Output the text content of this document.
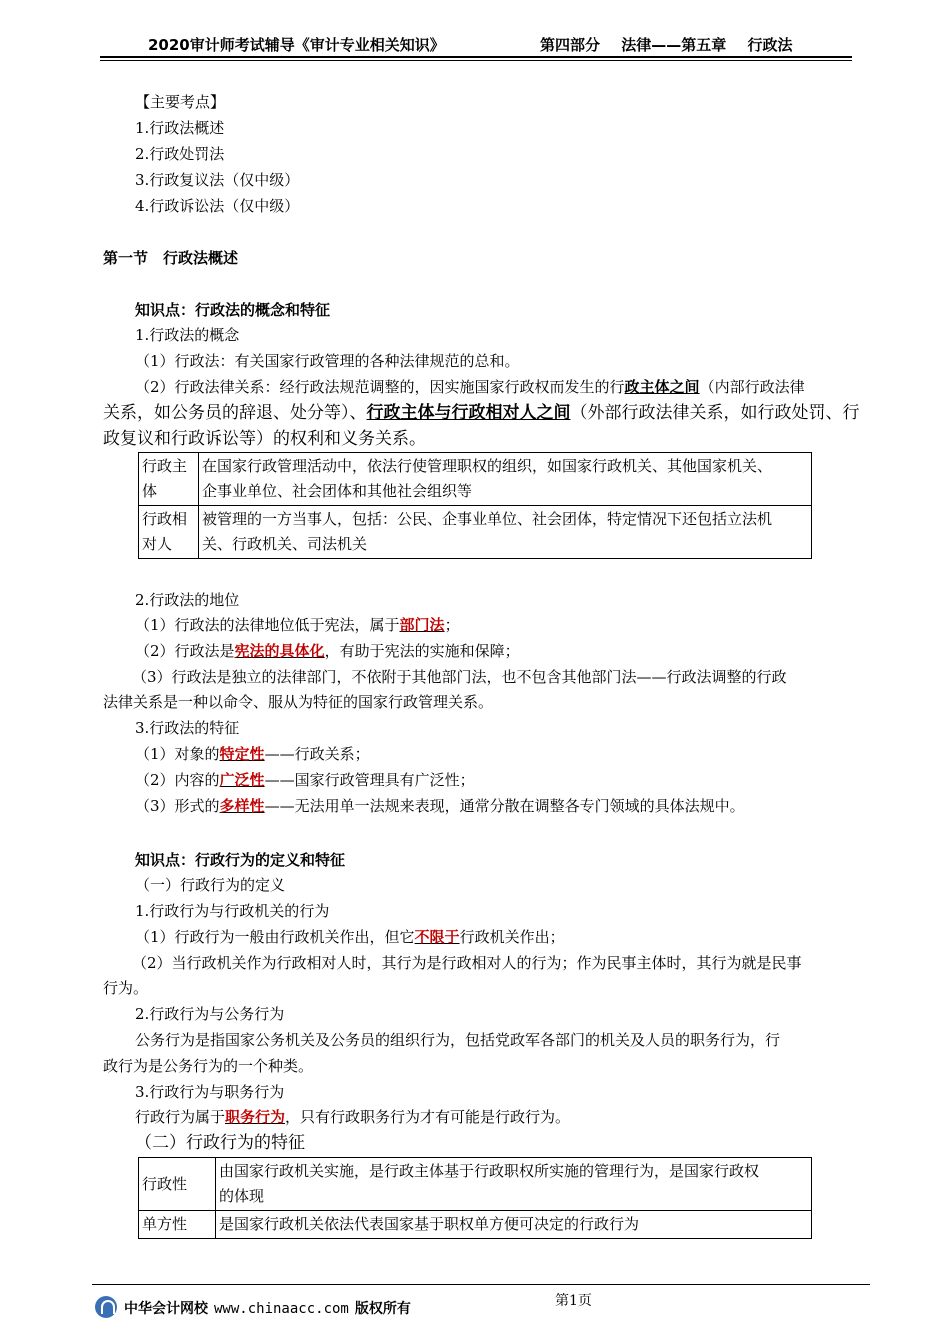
2020审计师考试辅导《审计专业相关知识》	第四部分 法律——第五章 行政法
【主要考点】
1.行政法概述
2.行政处罚法
3.行政复议法（仅中级）
4.行政诉讼法（仅中级）
第一节　行政法概述
知识点：行政法的概念和特征
1.行政法的概念
（1）行政法：有关国家行政管理的各种法律规范的总和。
（2）行政法律关系：经行政法规范调整的，因实施国家行政权而发生的行政主体之间（内部行政法律
关系，如公务员的辞退、处分等）、行政主体与行政相对人之间（外部行政法律关系，如行政处罚、行
政复议和行政诉讼等）的权利和义务关系。
行政主
体	在国家行政管理活动中，依法行使管理职权的组织，如国家行政机关、其他国家机关、
企事业单位、社会团体和其他社会组织等
行政相
对人	被管理的一方当事人，包括：公民、企事业单位、社会团体，特定情况下还包括立法机
关、行政机关、司法机关
2.行政法的地位
（1）行政法的法律地位低于宪法，属于部门法；
（2）行政法是宪法的具体化，有助于宪法的实施和保障；
（3）行政法是独立的法律部门，不依附于其他部门法，也不包含其他部门法——行政法调整的行政
法律关系是一种以命令、服从为特征的国家行政管理关系。
3.行政法的特征
（1）对象的特定性——行政关系；
（2）内容的广泛性——国家行政管理具有广泛性；
（3）形式的多样性——无法用单一法规来表现，通常分散在调整各专门领域的具体法规中。
知识点：行政行为的定义和特征
（一）行政行为的定义
1.行政行为与行政机关的行为
（1）行政行为一般由行政机关作出，但它不限于行政机关作出；
（2）当行政机关作为行政相对人时，其行为是行政相对人的行为；作为民事主体时，其行为就是民事
行为。
2.行政行为与公务行为
公务行为是指国家公务机关及公务员的组织行为，包括党政军各部门的机关及人员的职务行为，行
政行为是公务行为的一个种类。
3.行政行为与职务行为
行政行为属于职务行为，只有行政职务行为才有可能是行政行为。
（二）行政行为的特征
行政性	由国家行政机关实施，是行政主体基于行政职权所实施的管理行为，是国家行政权
的体现
单方性	是国家行政机关依法代表国家基于职权单方便可决定的行政行为
第1页
中华会计网校 www.chinaacc.com 版权所有
